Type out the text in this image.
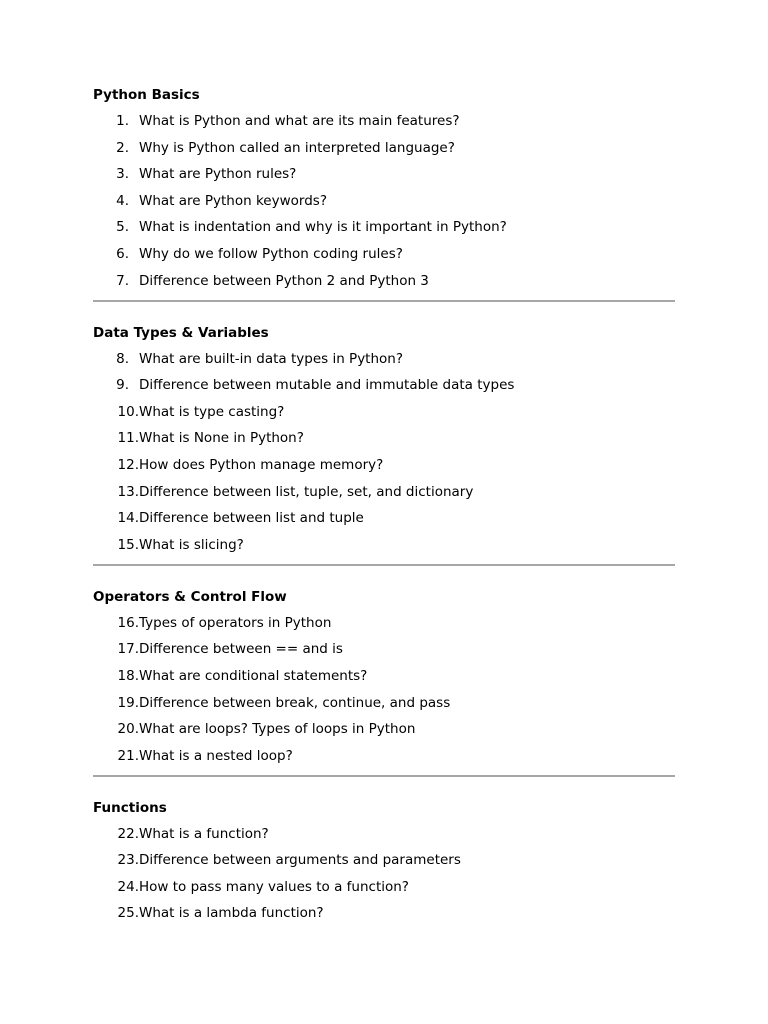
Python Basics
1. What is Python and what are its main features?
2. Why is Python called an interpreted language?
3. What are Python rules?
4. What are Python keywords?
5. What is indentation and why is it important in Python?
6. Why do we follow Python coding rules?
7. Difference between Python 2 and Python 3
Data Types & Variables
8. What are built-in data types in Python?
9. Difference between mutable and immutable data types
10. What is type casting?
11. What is None in Python?
12. How does Python manage memory?
13. Difference between list, tuple, set, and dictionary
14. Difference between list and tuple
15. What is slicing?
Operators & Control Flow
16. Types of operators in Python
17. Difference between == and is
18. What are conditional statements?
19. Difference between break, continue, and pass
20. What are loops? Types of loops in Python
21. What is a nested loop?
Functions
22. What is a function?
23. Difference between arguments and parameters
24. How to pass many values to a function?
25. What is a lambda function?
